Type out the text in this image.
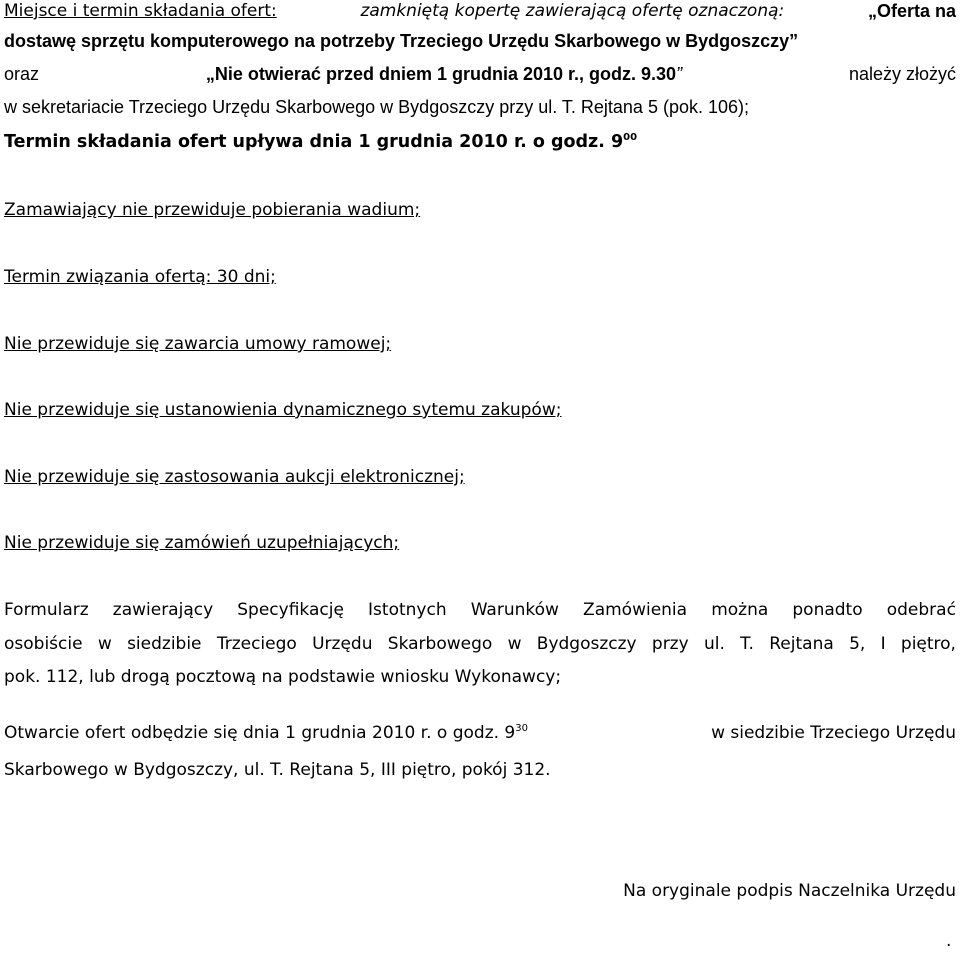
Miejsce i termin składania ofert:	zamkniętą kopertę zawierającą ofertę oznaczoną:	„Oferta na
dostawę sprzętu komputerowego na potrzeby Trzeciego Urzędu Skarbowego w Bydgoszczy”
oraz	„Nie otwierać przed dniem 1 grudnia 2010 r., godz. 9.30”	należy złożyć
w sekretariacie Trzeciego Urzędu Skarbowego w Bydgoszczy przy ul. T. Rejtana 5 (pok. 106);
Termin składania ofert upływa dnia 1 grudnia 2010 r. o godz. $9^{00}$
Zamawiający nie przewiduje pobierania wadium;
Termin związania ofertą: 30 dni;
Nie przewiduje się zawarcia umowy ramowej;
Nie przewiduje się ustanowienia dynamicznego sytemu zakupów;
Nie przewiduje się zastosowania aukcji elektronicznej;
Nie przewiduje się zamówień uzupełniających;
Formularz zawierający Specyfikację Istotnych Warunków Zamówienia można ponadto odebrać
osobiście w siedzibie Trzeciego Urzędu Skarbowego w Bydgoszczy przy ul. T. Rejtana 5, I piętro,
pok. 112, lub drogą pocztową na podstawie wniosku Wykonawcy;
Otwarcie ofert odbędzie się dnia 1 grudnia 2010 r. o godz. $9^{30}$	w siedzibie Trzeciego Urzędu
Skarbowego w Bydgoszczy, ul. T. Rejtana 5, III piętro, pokój 312.
Na oryginale podpis Naczelnika Urzędu
.
